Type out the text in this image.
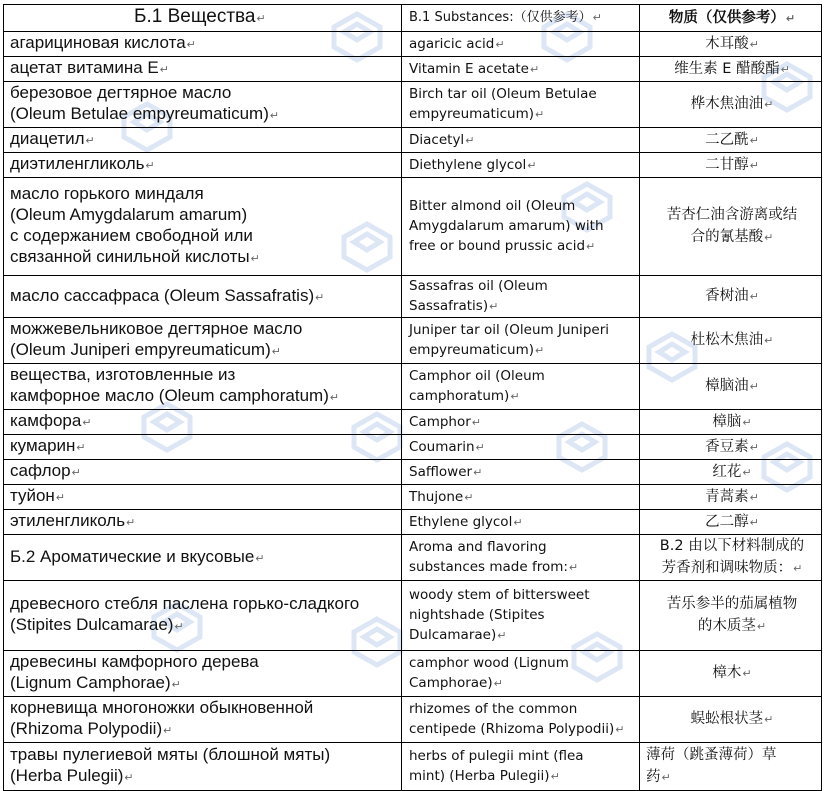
Б.1 Вещества↵	B.1 Substances:（仅供参考）↵	物质（仅供参考）↵
агарициновая кислота↵	agaricic acid↵	木耳酸↵
ацетат витамина E↵	Vitamin E acetate↵	维生素 E 醋酸酯↵
березовое дегтярное масло
(Oleum Betulae empyreumaticum)↵	Birch tar oil (Oleum Betulae
empyreumaticum)↵	桦木焦油油↵
диацетил↵	Diacetyl↵	二乙酰↵
диэтиленгликоль↵	Diethylene glycol↵	二甘醇↵
масло горького миндаля
(Oleum Amygdalarum amarum)
с содержанием свободной или
связанной синильной кислоты↵	Bitter almond oil (Oleum
Amygdalarum amarum) with
free or bound prussic acid↵	苦杏仁油含游离或结
合的氰基酸↵
масло сассафраса (Oleum Sassafratis)↵	Sassafras oil (Oleum Sassafratis)↵	香树油↵
можжевельниковое дегтярное масло
(Oleum Juniperi empyreumaticum)↵	Juniper tar oil (Oleum Juniperi
empyreumaticum)↵	杜松木焦油↵
вещества, изготовленные из
камфорное масло (Oleum camphoratum)↵	Camphor oil (Oleum
camphoratum)↵	樟脑油↵
камфора↵	Camphor↵	樟脑↵
кумарин↵	Coumarin↵	香豆素↵
сафлор↵	Safflower↵	红花↵
туйон↵	Thujone↵	青蒿素↵
этиленгликоль↵	Ethylene glycol↵	乙二醇↵
Б.2 Ароматические и вкусовые↵	Aroma and flavoring
substances made from:↵	B.2 由以下材料制成的
芳香剂和调味物质：↵
древесного стебля паслена горько-сладкого
(Stipites Dulcamarae)↵	woody stem of bittersweet
nightshade (Stipites
Dulcamarae)↵	苦乐参半的茄属植物
的木质茎↵
древесины камфорного дерева
(Lignum Camphorae)↵	camphor wood (Lignum
Camphorae)↵	樟木↵
корневища многоножки обыкновенной
(Rhizoma Polypodii)↵	rhizomes of the common
centipede (Rhizoma Polypodii)↵	蜈蚣根状茎↵
травы пулегиевой мяты (блошной мяты)
(Herba Pulegii)↵	herbs of pulegii mint (flea
mint) (Herba Pulegii)↵	薄荷（跳蚤薄荷）草
药↵
